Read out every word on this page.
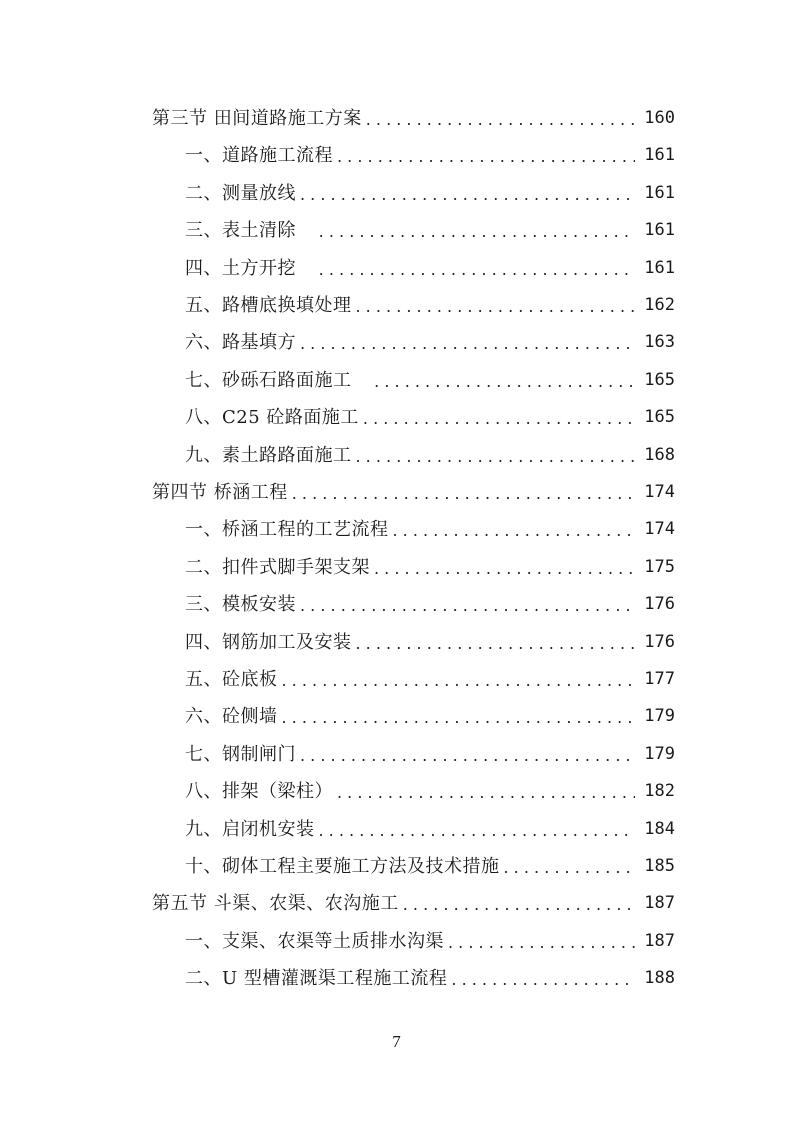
第三节 田间道路施工方案 . . .	160
一、道路施工流程 . . .	161
二、测量放线 . . .	161
三、表土清除 . . .	161
四、土方开挖 . . .	161
五、路槽底换填处理 . . .	162
六、路基填方 . . .	163
七、砂砾石路面施工 . . .	165
八、C25 砼路面施工 . . .	165
九、素土路路面施工 . . .	168
第四节 桥涵工程 . . .	174
一、桥涵工程的工艺流程 . . .	174
二、扣件式脚手架支架 . . .	175
三、模板安装 . . .	176
四、钢筋加工及安装 . . .	176
五、砼底板 . . .	177
六、砼侧墙 . . .	179
七、钢制闸门 . . .	179
八、排架（梁柱） . . .	182
九、启闭机安装 . . .	184
十、砌体工程主要施工方法及技术措施 . . .	185
第五节 斗渠、农渠、农沟施工 . . .	187
一、支渠、农渠等土质排水沟渠 . . .	187
二、U 型槽灌溉渠工程施工流程 . . .	188
7
